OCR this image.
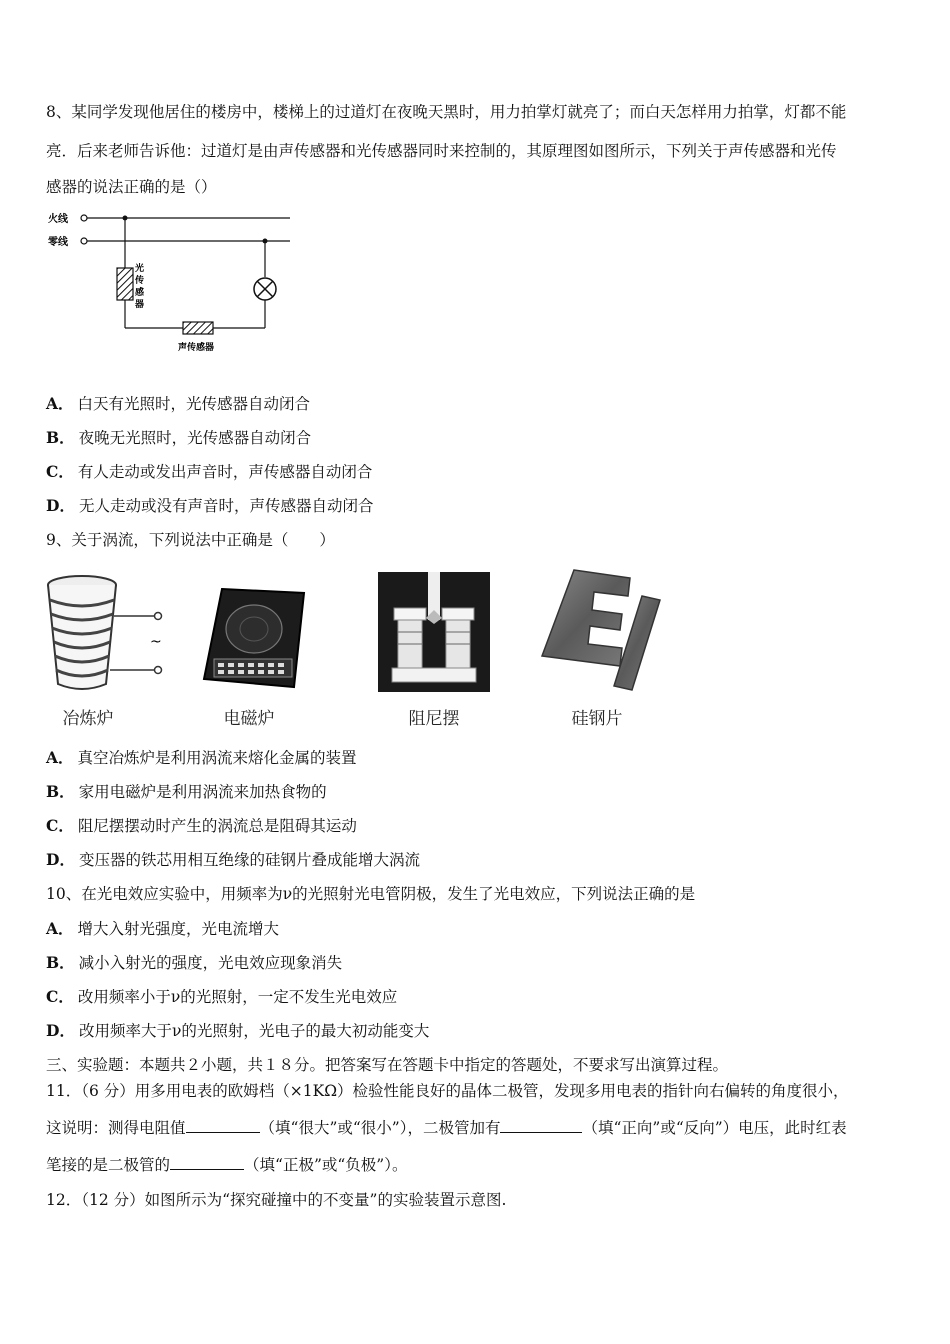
8、某同学发现他居住的楼房中，楼梯上的过道灯在夜晚天黑时，用力拍掌灯就亮了；而白天怎样用力拍掌，灯都不能
亮．后来老师告诉他：过道灯是由声传感器和光传感器同时来控制的，其原理图如图所示，下列关于声传感器和光传
感器的说法正确的是（）
火线
零线
光
传
感
器
声传感器
A． 白天有光照时，光传感器自动闭合
B． 夜晚无光照时，光传感器自动闭合
C． 有人走动或发出声音时，声传感器自动闭合
D． 无人走动或没有声音时，声传感器自动闭合
9、关于涡流，下列说法中正确是（　　）
~
冶炼炉	电磁炉	阻尼摆	硅钢片
A． 真空冶炼炉是利用涡流来熔化金属的装置
B． 家用电磁炉是利用涡流来加热食物的
C． 阻尼摆摆动时产生的涡流总是阻碍其运动
D． 变压器的铁芯用相互绝缘的硅钢片叠成能增大涡流
10、在光电效应实验中，用频率为ν的光照射光电管阴极，发生了光电效应，下列说法正确的是
A． 增大入射光强度，光电流增大
B． 减小入射光的强度，光电效应现象消失
C． 改用频率小于ν的光照射，一定不发生光电效应
D． 改用频率大于ν的光照射，光电子的最大初动能变大
三、实验题：本题共２小题，共１８分。把答案写在答题卡中指定的答题处，不要求写出演算过程。
11．（6 分）用多用电表的欧姆档（×1KΩ）检验性能良好的晶体二极管，发现多用电表的指针向右偏转的角度很小，
这说明：测得电阻值	（填“很大”或“很小”），二极管加有	（填“正向”或“反向”）电压，此时红表
笔接的是二极管的	（填“正极”或“负极”）。
12．（12 分）如图所示为“探究碰撞中的不变量”的实验装置示意图.
